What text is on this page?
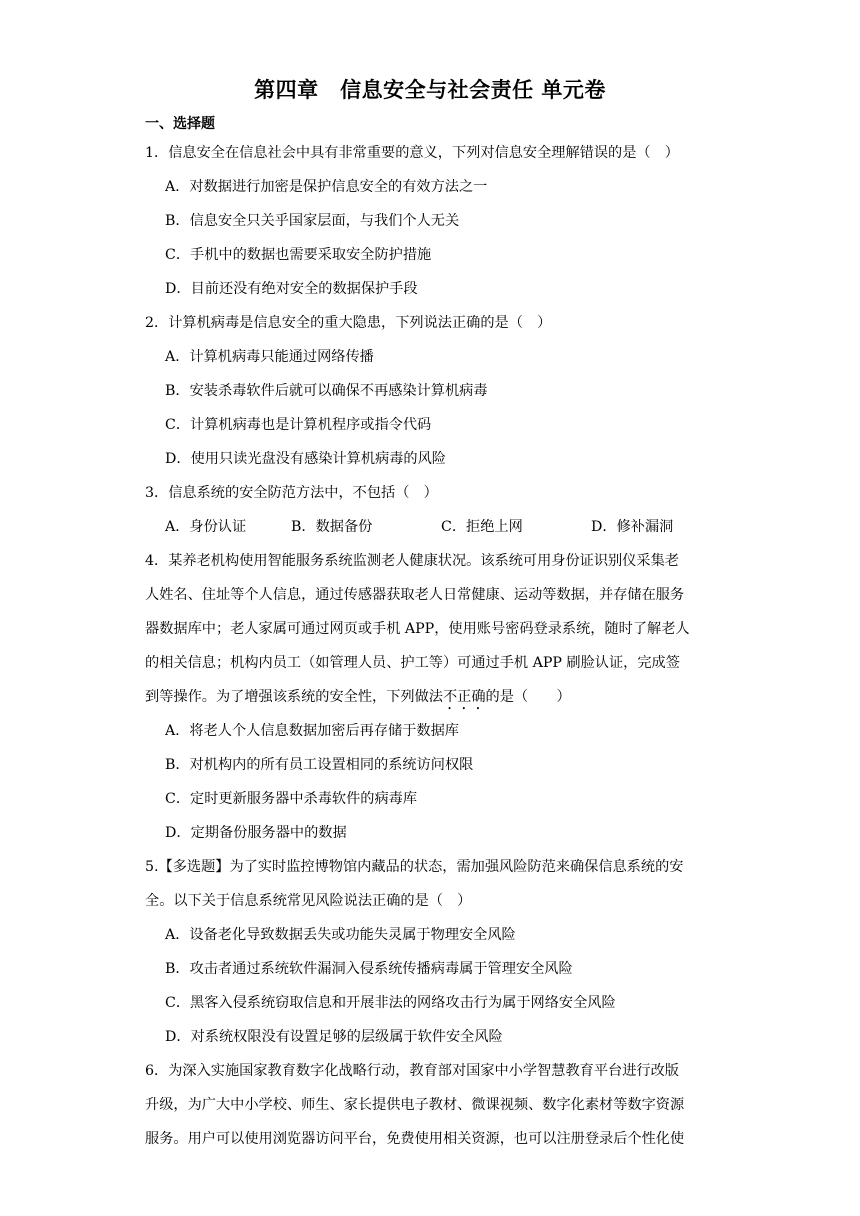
第四章　信息安全与社会责任 单元卷
一、选择题
1．信息安全在信息社会中具有非常重要的意义，下列对信息安全理解错误的是（　）
A．对数据进行加密是保护信息安全的有效方法之一
B．信息安全只关乎国家层面，与我们个人无关
C．手机中的数据也需要采取安全防护措施
D．目前还没有绝对安全的数据保护手段
2．计算机病毒是信息安全的重大隐患，下列说法正确的是（　）
A．计算机病毒只能通过网络传播
B．安装杀毒软件后就可以确保不再感染计算机病毒
C．计算机病毒也是计算机程序或指令代码
D．使用只读光盘没有感染计算机病毒的风险
3．信息系统的安全防范方法中，不包括（　）
A．身份认证	B．数据备份	C．拒绝上网	D．修补漏洞
4．某养老机构使用智能服务系统监测老人健康状况。该系统可用身份证识别仪采集老
人姓名、住址等个人信息，通过传感器获取老人日常健康、运动等数据，并存储在服务
器数据库中；老人家属可通过网页或手机 APP，使用账号密码登录系统，随时了解老人
的相关信息；机构内员工（如管理人员、护工等）可通过手机 APP 刷脸认证，完成签
到等操作。为了增强该系统的安全性，下列做法不正确的是（　　）
A．将老人个人信息数据加密后再存储于数据库
B．对机构内的所有员工设置相同的系统访问权限
C．定时更新服务器中杀毒软件的病毒库
D．定期备份服务器中的数据
5.【多选题】为了实时监控博物馆内藏品的状态，需加强风险防范来确保信息系统的安
全。以下关于信息系统常见风险说法正确的是（　）
A．设备老化导致数据丢失或功能失灵属于物理安全风险
B．攻击者通过系统软件漏洞入侵系统传播病毒属于管理安全风险
C．黑客入侵系统窃取信息和开展非法的网络攻击行为属于网络安全风险
D．对系统权限没有设置足够的层级属于软件安全风险
6．为深入实施国家教育数字化战略行动，教育部对国家中小学智慧教育平台进行改版
升级，为广大中小学校、师生、家长提供电子教材、微课视频、数字化素材等数字资源
服务。用户可以使用浏览器访问平台，免费使用相关资源，也可以注册登录后个性化使
